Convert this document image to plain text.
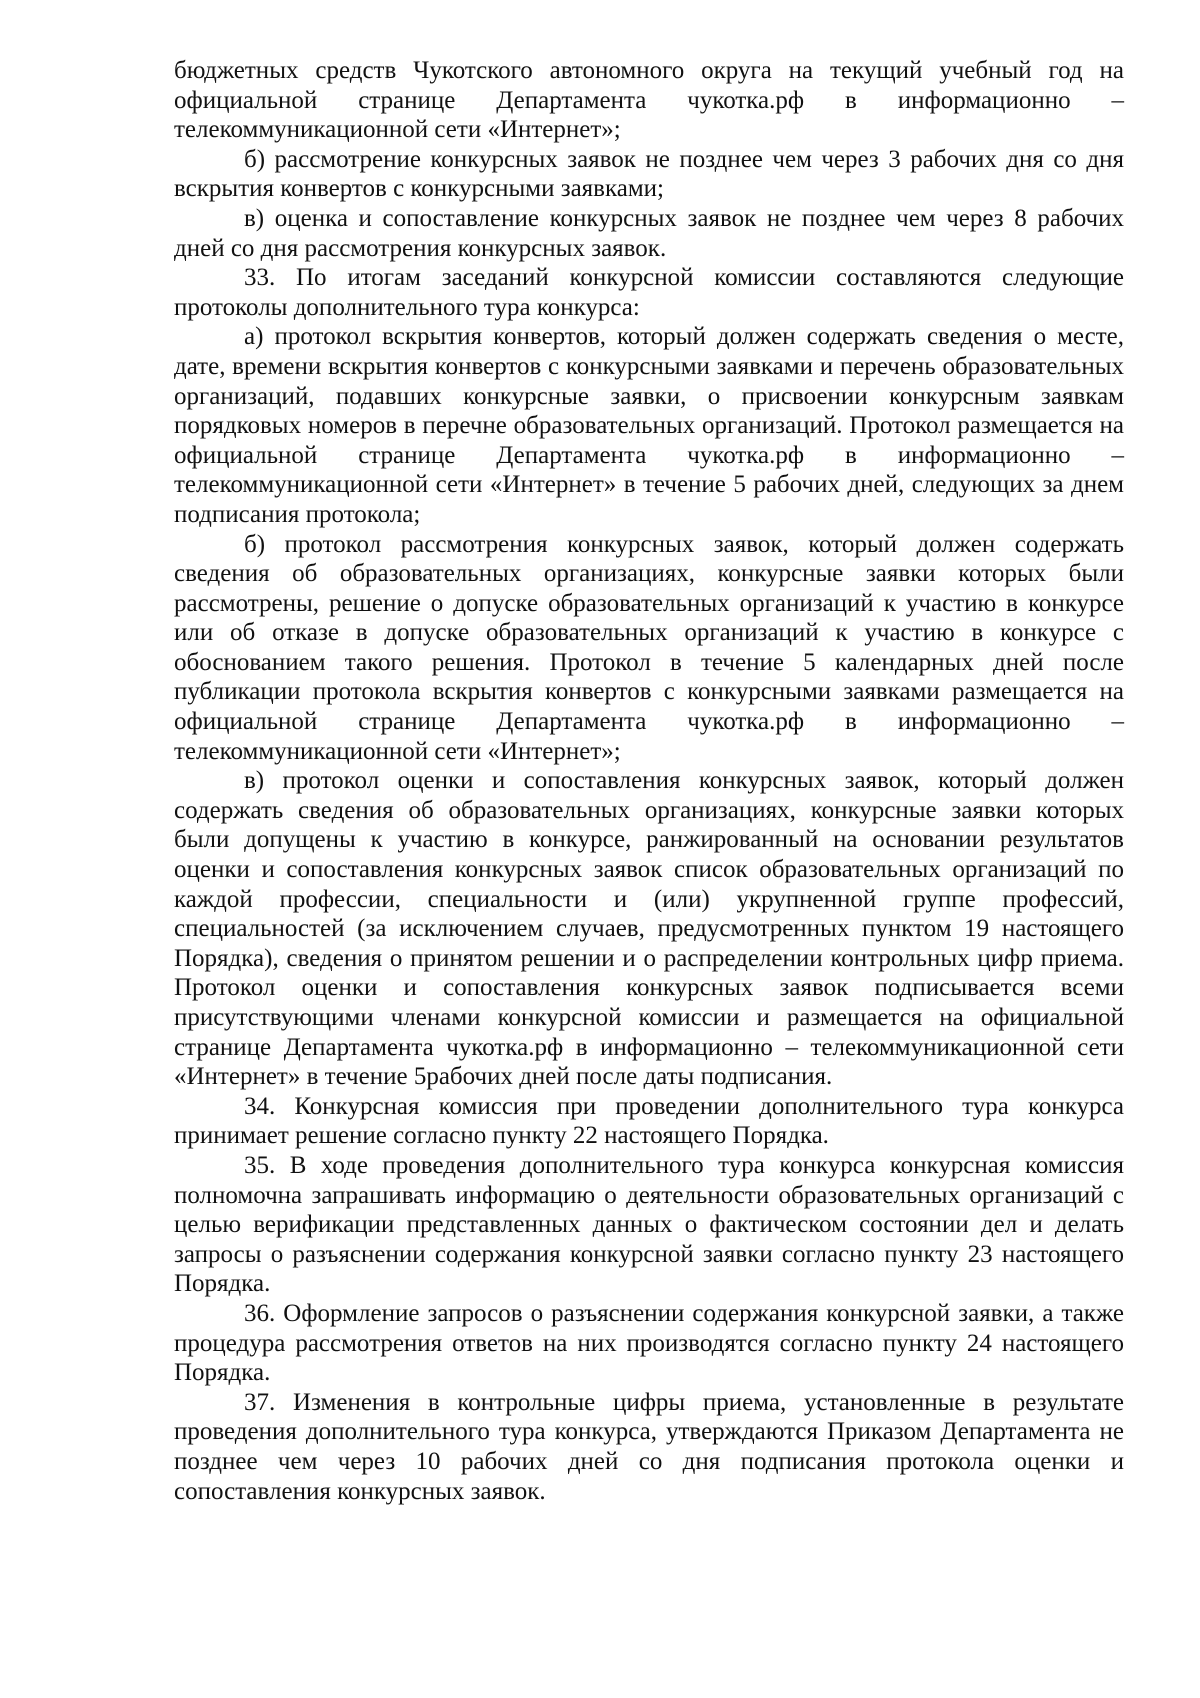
бюджетных средств Чукотского автономного округа на текущий учебный год на официальной странице Департамента чукотка.рф в информационно – телекоммуникационной сети «Интернет»;

б) рассмотрение конкурсных заявок не позднее чем через 3 рабочих дня со дня вскрытия конвертов с конкурсными заявками;

в) оценка и сопоставление конкурсных заявок не позднее чем через 8 рабочих дней со дня рассмотрения конкурсных заявок.

33. По итогам заседаний конкурсной комиссии составляются следующие протоколы дополнительного тура конкурса:

а) протокол вскрытия конвертов, который должен содержать сведения о месте, дате, времени вскрытия конвертов с конкурсными заявками и перечень образовательных организаций, подавших конкурсные заявки, о присвоении конкурсным заявкам порядковых номеров в перечне образовательных организаций. Протокол размещается на официальной странице Департамента чукотка.рф в информационно – телекоммуникационной сети «Интернет» в течение 5 рабочих дней, следующих за днем подписания протокола;

б) протокол рассмотрения конкурсных заявок, который должен содержать сведения об образовательных организациях, конкурсные заявки которых были рассмотрены, решение о допуске образовательных организаций к участию в конкурсе или об отказе в допуске образовательных организаций к участию в конкурсе с обоснованием такого решения. Протокол в течение 5 календарных дней после публикации протокола вскрытия конвертов с конкурсными заявками размещается на официальной странице Департамента чукотка.рф в информационно – телекоммуникационной сети «Интернет»;

в) протокол оценки и сопоставления конкурсных заявок, который должен содержать сведения об образовательных организациях, конкурсные заявки которых были допущены к участию в конкурсе, ранжированный на основании результатов оценки и сопоставления конкурсных заявок список образовательных организаций по каждой профессии, специальности и (или) укрупненной группе профессий, специальностей (за исключением случаев, предусмотренных пунктом 19 настоящего Порядка), сведения о принятом решении и о распределении контрольных цифр приема. Протокол оценки и сопоставления конкурсных заявок подписывается всеми присутствующими членами конкурсной комиссии и размещается на официальной странице Департамента чукотка.рф в информационно – телекоммуникационной сети «Интернет» в течение 5рабочих дней после даты подписания.

34. Конкурсная комиссия при проведении дополнительного тура конкурса принимает решение согласно пункту 22 настоящего Порядка.

35. В ходе проведения дополнительного тура конкурса конкурсная комиссия полномочна запрашивать информацию о деятельности образовательных организаций с целью верификации представленных данных о фактическом состоянии дел и делать запросы о разъяснении содержания конкурсной заявки согласно пункту 23 настоящего Порядка.

36. Оформление запросов о разъяснении содержания конкурсной заявки, а также процедура рассмотрения ответов на них производятся согласно пункту 24 настоящего Порядка.

37. Изменения в контрольные цифры приема, установленные в результате проведения дополнительного тура конкурса, утверждаются Приказом Департамента не позднее чем через 10 рабочих дней со дня подписания протокола оценки и сопоставления конкурсных заявок.
